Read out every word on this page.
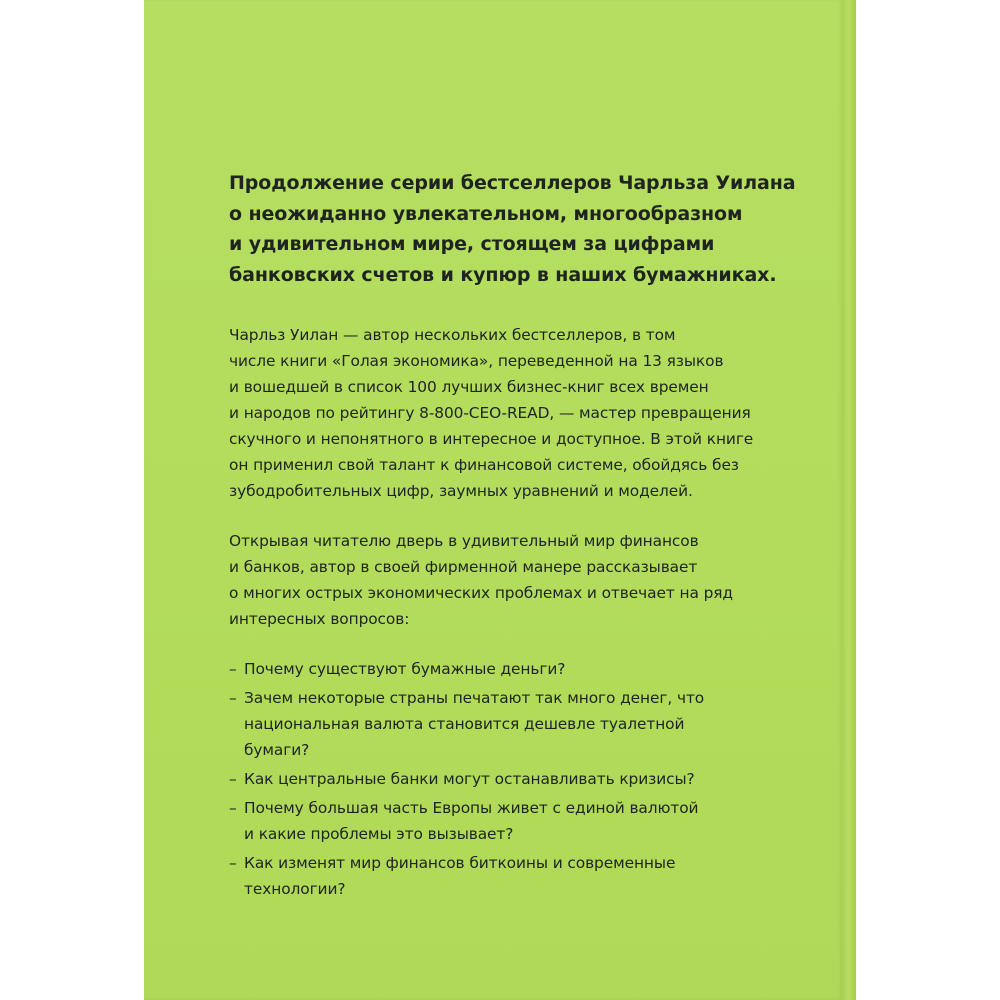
Продолжение серии бестселлеров Чарльза Уилана
о неожиданно увлекательном, многообразном
и удивительном мире, стоящем за цифрами
банковских счетов и купюр в наших бумажниках.
Чарльз Уилан — автор нескольких бестселлеров, в том
числе книги «Голая экономика», переведенной на 13 языков
и вошедшей в список 100 лучших бизнес-книг всех времен
и народов по рейтингу 8-800-CEO-READ, — мастер превращения
скучного и непонятного в интересное и доступное. В этой книге
он применил свой талант к финансовой системе, обойдясь без
зубодробительных цифр, заумных уравнений и моделей.
Открывая читателю дверь в удивительный мир финансов
и банков, автор в своей фирменной манере рассказывает
о многих острых экономических проблемах и отвечает на ряд
интересных вопросов:
– Почему существуют бумажные деньги?
– Зачем некоторые страны печатают так много денег, что
национальная валюта становится дешевле туалетной
бумаги?
– Как центральные банки могут останавливать кризисы?
– Почему большая часть Европы живет с единой валютой
и какие проблемы это вызывает?
– Как изменят мир финансов биткоины и современные
технологии?
